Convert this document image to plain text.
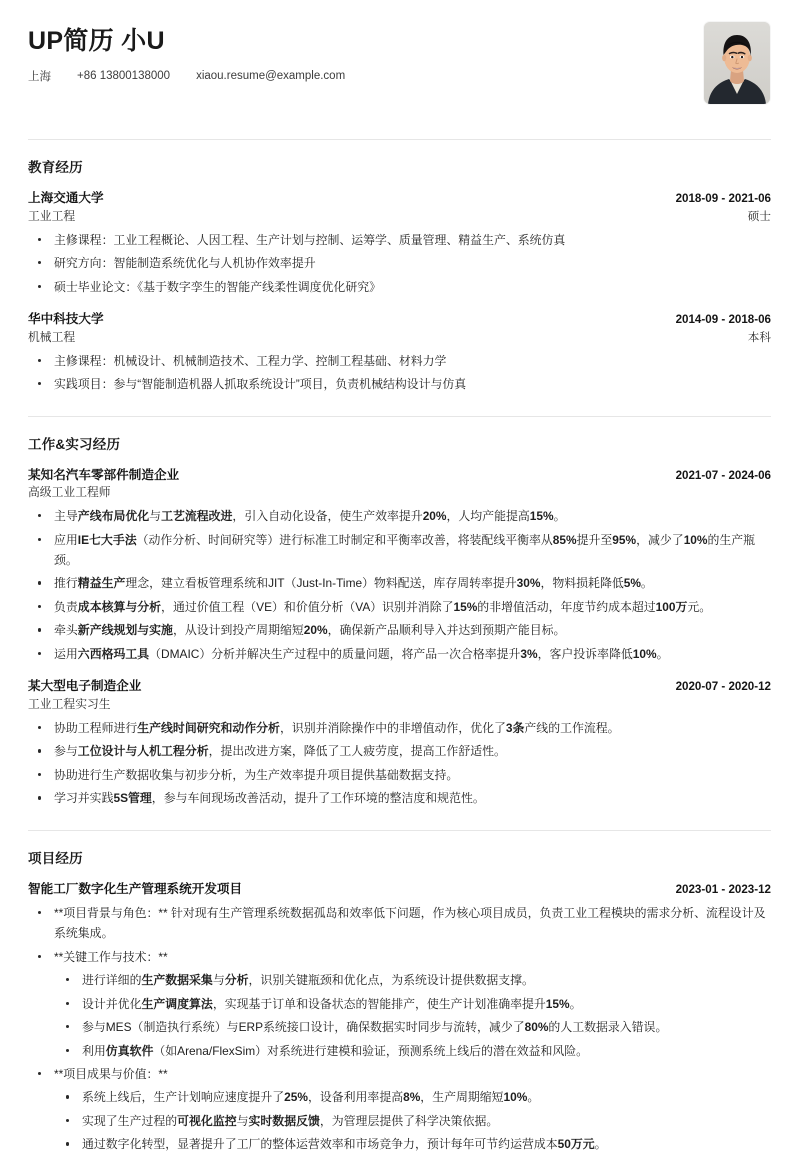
UP简历 小U
上海 +86 13800138000 xiaou.resume@example.com
教育经历
上海交通大学	2018-09 - 2021-06
工业工程	硕士
主修课程：工业工程概论、人因工程、生产计划与控制、运筹学、质量管理、精益生产、系统仿真
研究方向：智能制造系统优化与人机协作效率提升
硕士毕业论文：《基于数字孪生的智能产线柔性调度优化研究》
华中科技大学	2014-09 - 2018-06
机械工程	本科
主修课程：机械设计、机械制造技术、工程力学、控制工程基础、材料力学
实践项目：参与“智能制造机器人抓取系统设计”项目，负责机械结构设计与仿真
工作&实习经历
某知名汽车零部件制造企业	2021-07 - 2024-06
高级工业工程师
主导产线布局优化与工艺流程改进，引入自动化设备，使生产效率提升20%，人均产能提高15%。
应用IE七大手法（动作分析、时间研究等）进行标准工时制定和平衡率改善，将装配线平衡率从85%提升至95%，减少了10%的生产瓶颈。
推行精益生产理念，建立看板管理系统和JIT（Just-In-Time）物料配送，库存周转率提升30%，物料损耗降低5%。
负责成本核算与分析，通过价值工程（VE）和价值分析（VA）识别并消除了15%的非增值活动，年度节约成本超过100万元。
牵头新产线规划与实施，从设计到投产周期缩短20%，确保新产品顺利导入并达到预期产能目标。
运用六西格玛工具（DMAIC）分析并解决生产过程中的质量问题，将产品一次合格率提升3%，客户投诉率降低10%。
某大型电子制造企业	2020-07 - 2020-12
工业工程实习生
协助工程师进行生产线时间研究和动作分析，识别并消除操作中的非增值动作，优化了3条产线的工作流程。
参与工位设计与人机工程分析，提出改进方案，降低了工人疲劳度，提高工作舒适性。
协助进行生产数据收集与初步分析，为生产效率提升项目提供基础数据支持。
学习并实践5S管理，参与车间现场改善活动，提升了工作环境的整洁度和规范性。
项目经历
智能工厂数字化生产管理系统开发项目	2023-01 - 2023-12
**项目背景与角色：** 针对现有生产管理系统数据孤岛和效率低下问题，作为核心项目成员，负责工业工程模块的需求分析、流程设计及系统集成。
**关键工作与技术：**
进行详细的生产数据采集与分析，识别关键瓶颈和优化点，为系统设计提供数据支撑。
设计并优化生产调度算法，实现基于订单和设备状态的智能排产，使生产计划准确率提升15%。
参与MES（制造执行系统）与ERP系统接口设计，确保数据实时同步与流转，减少了80%的人工数据录入错误。
利用仿真软件（如Arena/FlexSim）对系统进行建模和验证，预测系统上线后的潜在效益和风险。
**项目成果与价值：**
系统上线后，生产计划响应速度提升了25%，设备利用率提高8%，生产周期缩短10%。
实现了生产过程的可视化监控与实时数据反馈，为管理层提供了科学决策依据。
通过数字化转型，显著提升了工厂的整体运营效率和市场竞争力，预计每年可节约运营成本50万元。
